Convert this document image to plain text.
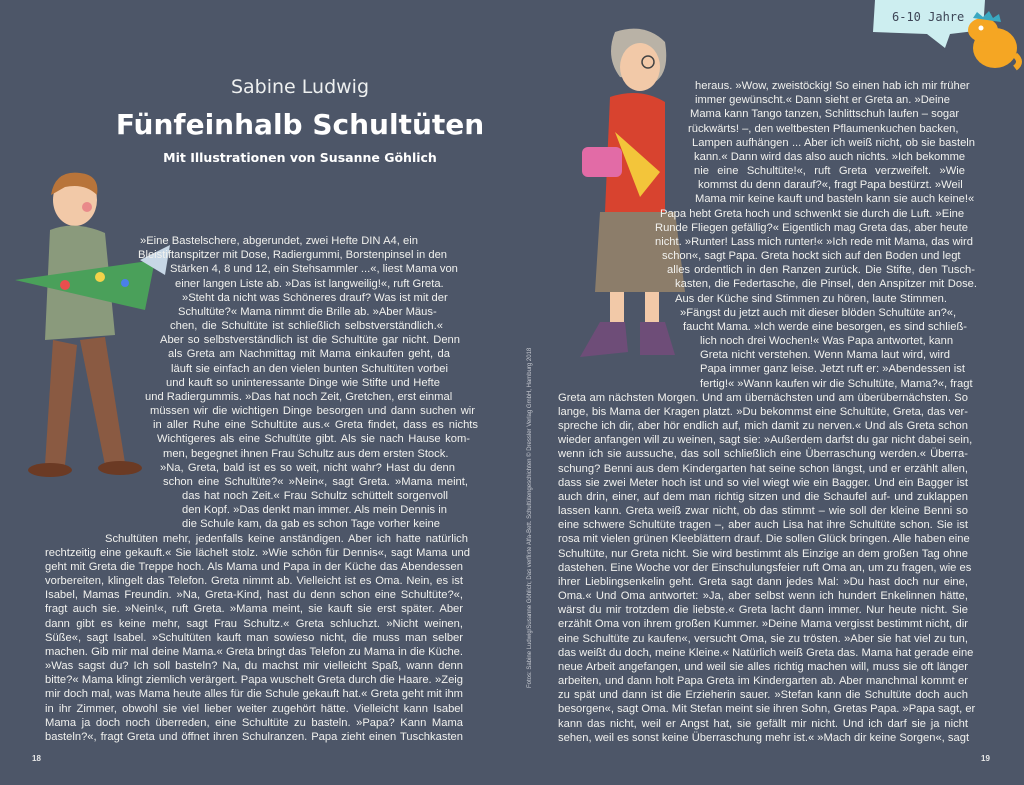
Sabine Ludwig
Fünfeinhalb Schultüten
Mit Illustrationen von Susanne Göhlich
»Eine Bastelschere, abgerundet, zwei Hefte DIN A4, ein
Bleistiftanspitzer mit Dose, Radiergummi, Borstenpinsel in den
Stärken 4, 8 und 12, ein Stehsammler ...«, liest Mama von
einer langen Liste ab. »Das ist langweilig!«, ruft Greta.
»Steht da nicht was Schöneres drauf? Was ist mit der
Schultüte?« Mama nimmt die Brille ab. »Aber Mäus-
chen, die Schultüte ist schließlich selbstverständlich.«
Aber so selbstverständlich ist die Schultüte gar nicht. Denn
als Greta am Nachmittag mit Mama einkaufen geht, da
läuft sie einfach an den vielen bunten Schultüten vorbei
und kauft so uninteressante Dinge wie Stifte und Hefte
und Radiergummis. »Das hat noch Zeit, Gretchen, erst einmal
müssen wir die wichtigen Dinge besorgen und dann suchen wir
in aller Ruhe eine Schultüte aus.« Greta findet, dass es nichts
Wichtigeres als eine Schultüte gibt. Als sie nach Hause kom-
men, begegnet ihnen Frau Schultz aus dem ersten Stock.
»Na, Greta, bald ist es so weit, nicht wahr? Hast du denn
schon eine Schultüte?« »Nein«, sagt Greta. »Mama meint,
das hat noch Zeit.« Frau Schultz schüttelt sorgenvoll
den Kopf. »Das denkt man immer. Als mein Dennis in
die Schule kam, da gab es schon Tage vorher keine
Schultüten mehr, jedenfalls keine anständigen. Aber ich hatte natürlich
rechtzeitig eine gekauft.« Sie lächelt stolz. »Wie schön für Dennis«, sagt Mama und
geht mit Greta die Treppe hoch. Als Mama und Papa in der Küche das Abendessen
vorbereiten, klingelt das Telefon. Greta nimmt ab. Vielleicht ist es Oma. Nein, es ist
Isabel, Mamas Freundin. »Na, Greta-Kind, hast du denn schon eine Schultüte?«,
fragt auch sie. »Nein!«, ruft Greta. »Mama meint, sie kauft sie erst später. Aber
dann gibt es keine mehr, sagt Frau Schultz.« Greta schluchzt. »Nicht weinen,
Süße«, sagt Isabel. »Schultüten kauft man sowieso nicht, die muss man selber
machen. Gib mir mal deine Mama.« Greta bringt das Telefon zu Mama in die Küche.
»Was sagst du? Ich soll basteln? Na, du machst mir vielleicht Spaß, wann denn
bitte?« Mama klingt ziemlich verärgert. Papa wuschelt Greta durch die Haare. »Zeig
mir doch mal, was Mama heute alles für die Schule gekauft hat.« Greta geht mit ihm
in ihr Zimmer, obwohl sie viel lieber weiter zugehört hätte. Vielleicht kann Isabel
Mama ja doch noch überreden, eine Schultüte zu basteln. »Papa? Kann Mama
basteln?«, fragt Greta und öffnet ihren Schulranzen. Papa zieht einen Tuschkasten
heraus. »Wow, zweistöckig! So einen hab ich mir früher
immer gewünscht.« Dann sieht er Greta an. »Deine
Mama kann Tango tanzen, Schlittschuh laufen – sogar
rückwärts! –, den weltbesten Pflaumenkuchen backen,
Lampen aufhängen ... Aber ich weiß nicht, ob sie basteln
kann.« Dann wird das also auch nichts. »Ich bekomme
nie eine Schultüte!«, ruft Greta verzweifelt. »Wie
kommst du denn darauf?«, fragt Papa bestürzt. »Weil
Mama mir keine kauft und basteln kann sie auch keine!«
Papa hebt Greta hoch und schwenkt sie durch die Luft. »Eine
Runde Fliegen gefällig?« Eigentlich mag Greta das, aber heute
nicht. »Runter! Lass mich runter!« »Ich rede mit Mama, das wird
schon«, sagt Papa. Greta hockt sich auf den Boden und legt
alles ordentlich in den Ranzen zurück. Die Stifte, den Tusch-
kasten, die Federtasche, die Pinsel, den Anspitzer mit Dose.
Aus der Küche sind Stimmen zu hören, laute Stimmen.
»Fängst du jetzt auch mit dieser blöden Schultüte an?«,
faucht Mama. »Ich werde eine besorgen, es sind schließ-
lich noch drei Wochen!« Was Papa antwortet, kann
Greta nicht verstehen. Wenn Mama laut wird, wird
Papa immer ganz leise. Jetzt ruft er: »Abendessen ist
fertig!« »Wann kaufen wir die Schultüte, Mama?«, fragt
Greta am nächsten Morgen. Und am übernächsten und am überübernächsten. So
lange, bis Mama der Kragen platzt. »Du bekommst eine Schultüte, Greta, das ver-
spreche ich dir, aber hör endlich auf, mich damit zu nerven.« Und als Greta schon
wieder anfangen will zu weinen, sagt sie: »Außerdem darfst du gar nicht dabei sein,
wenn ich sie aussuche, das soll schließlich eine Überraschung werden.« Überra-
schung? Benni aus dem Kindergarten hat seine schon längst, und er erzählt allen,
dass sie zwei Meter hoch ist und so viel wiegt wie ein Bagger. Und ein Bagger ist
auch drin, einer, auf dem man richtig sitzen und die Schaufel auf- und zuklappen
lassen kann. Greta weiß zwar nicht, ob das stimmt – wie soll der kleine Benni so
eine schwere Schultüte tragen –, aber auch Lisa hat ihre Schultüte schon. Sie ist
rosa mit vielen grünen Kleeblättern drauf. Die sollen Glück bringen. Alle haben eine
Schultüte, nur Greta nicht. Sie wird bestimmt als Einzige an dem großen Tag ohne
dastehen. Eine Woche vor der Einschulungsfeier ruft Oma an, um zu fragen, wie es
ihrer Lieblingsenkelin geht. Greta sagt dann jedes Mal: »Du hast doch nur eine,
Oma.« Und Oma antwortet: »Ja, aber selbst wenn ich hundert Enkelinnen hätte,
wärst du mir trotzdem die liebste.« Greta lacht dann immer. Nur heute nicht. Sie
erzählt Oma von ihrem großen Kummer. »Deine Mama vergisst bestimmt nicht, dir
eine Schultüte zu kaufen«, versucht Oma, sie zu trösten. »Aber sie hat viel zu tun,
das weißt du doch, meine Kleine.« Natürlich weiß Greta das. Mama hat gerade eine
neue Arbeit angefangen, und weil sie alles richtig machen will, muss sie oft länger
arbeiten, und dann holt Papa Greta im Kindergarten ab. Aber manchmal kommt er
zu spät und dann ist die Erzieherin sauer. »Stefan kann die Schultüte doch auch
besorgen«, sagt Oma. Mit Stefan meint sie ihren Sohn, Gretas Papa. »Papa sagt, er
kann das nicht, weil er Angst hat, sie gefällt mir nicht. Und ich darf sie ja nicht
sehen, weil es sonst keine Überraschung mehr ist.« »Mach dir keine Sorgen«, sagt
Fotos: Sabine Ludwig/Susanne Göhlich; Das verflixte Alfa-Bett. Schultütengeschichten © Dressler Verlag GmbH, Hamburg 2018
6-10 Jahre
18	19
